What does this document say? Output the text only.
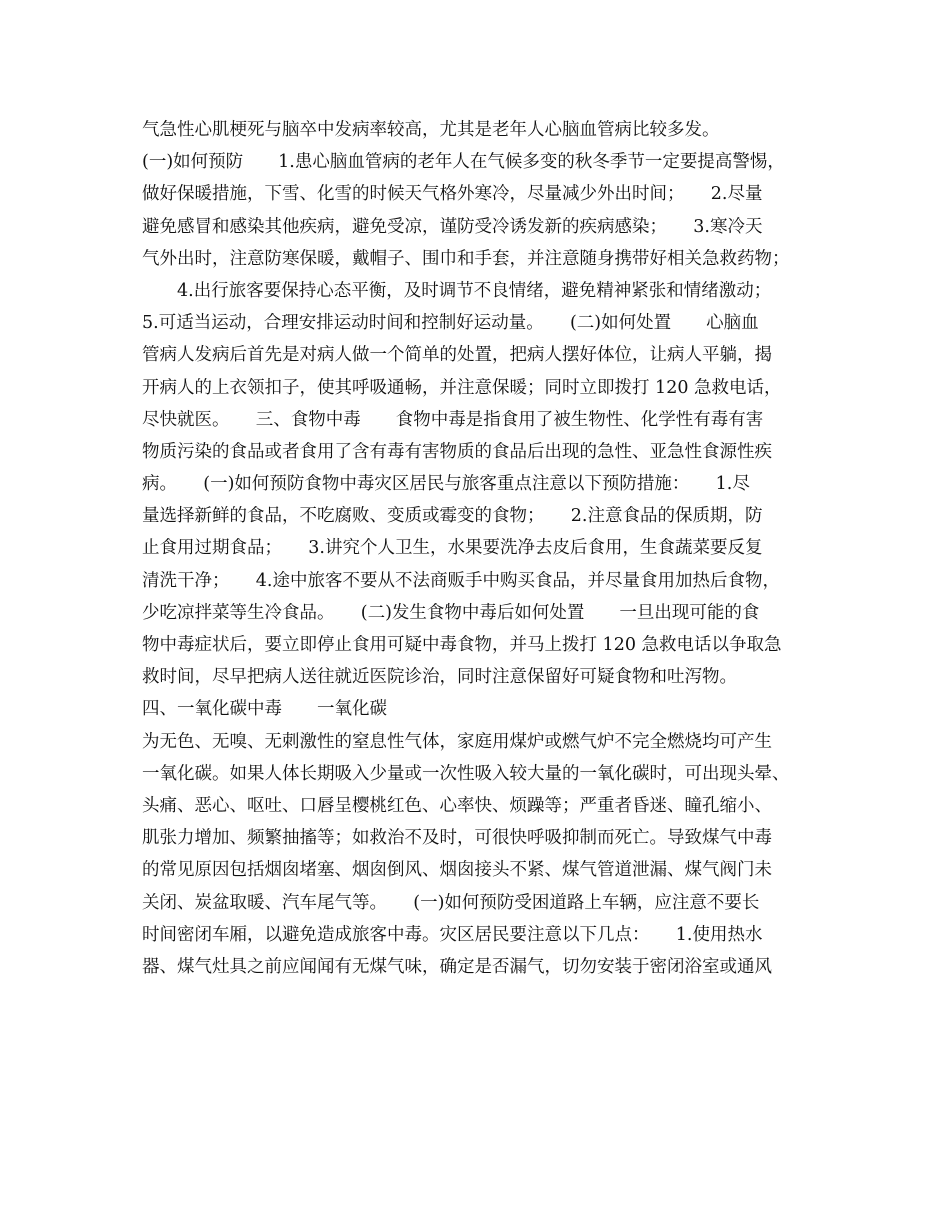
气急性心肌梗死与脑卒中发病率较高，尤其是老年人心脑血管病比较多发。
(一)如何预防　　1.患心脑血管病的老年人在气候多变的秋冬季节一定要提高警惕，
做好保暖措施，下雪、化雪的时候天气格外寒冷，尽量减少外出时间；　　2.尽量
避免感冒和感染其他疾病，避免受凉，谨防受冷诱发新的疾病感染；　　3.寒冷天
气外出时，注意防寒保暖，戴帽子、围巾和手套，并注意随身携带好相关急救药物；
　　4.出行旅客要保持心态平衡，及时调节不良情绪，避免精神紧张和情绪激动；
5.可适当运动，合理安排运动时间和控制好运动量。　　(二)如何处置　　心脑血
管病人发病后首先是对病人做一个简单的处置，把病人摆好体位，让病人平躺，揭
开病人的上衣领扣子，使其呼吸通畅，并注意保暖；同时立即拨打 120 急救电话，
尽快就医。　　三、食物中毒　　食物中毒是指食用了被生物性、化学性有毒有害
物质污染的食品或者食用了含有毒有害物质的食品后出现的急性、亚急性食源性疾
病。　　(一)如何预防食物中毒灾区居民与旅客重点注意以下预防措施：　　1.尽
量选择新鲜的食品，不吃腐败、变质或霉变的食物；　　2.注意食品的保质期，防
止食用过期食品；　　3.讲究个人卫生，水果要洗净去皮后食用，生食蔬菜要反复
清洗干净；　　4.途中旅客不要从不法商贩手中购买食品，并尽量食用加热后食物，
少吃凉拌菜等生冷食品。　　(二)发生食物中毒后如何处置　　一旦出现可能的食
物中毒症状后，要立即停止食用可疑中毒食物，并马上拨打 120 急救电话以争取急
救时间，尽早把病人送往就近医院诊治，同时注意保留好可疑食物和吐泻物。
四、一氧化碳中毒　　一氧化碳
为无色、无嗅、无刺激性的窒息性气体，家庭用煤炉或燃气炉不完全燃烧均可产生
一氧化碳。如果人体长期吸入少量或一次性吸入较大量的一氧化碳时，可出现头晕、
头痛、恶心、呕吐、口唇呈樱桃红色、心率快、烦躁等；严重者昏迷、瞳孔缩小、
肌张力增加、频繁抽搐等；如救治不及时，可很快呼吸抑制而死亡。导致煤气中毒
的常见原因包括烟囱堵塞、烟囱倒风、烟囱接头不紧、煤气管道泄漏、煤气阀门未
关闭、炭盆取暖、汽车尾气等。　　(一)如何预防受困道路上车辆，应注意不要长
时间密闭车厢，以避免造成旅客中毒。灾区居民要注意以下几点：　　1.使用热水
器、煤气灶具之前应闻闻有无煤气味，确定是否漏气，切勿安装于密闭浴室或通风
